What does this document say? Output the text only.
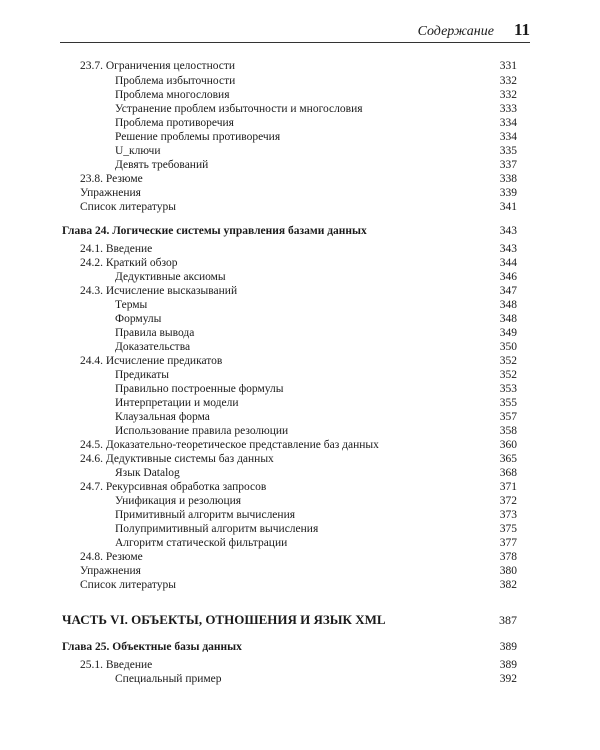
Содержание 11
23.7. Ограничения целостности	331
Проблема избыточности	332
Проблема многословия	332
Устранение проблем избыточности и многословия	333
Проблема противоречия	334
Решение проблемы противоречия	334
U_ключи	335
Девять требований	337
23.8. Резюме	338
Упражнения	339
Список литературы	341
Глава 24. Логические системы управления базами данных	343
24.1. Введение	343
24.2. Краткий обзор	344
Дедуктивные аксиомы	346
24.3. Исчисление высказываний	347
Термы	348
Формулы	348
Правила вывода	349
Доказательства	350
24.4. Исчисление предикатов	352
Предикаты	352
Правильно построенные формулы	353
Интерпретации и модели	355
Клаузальная форма	357
Использование правила резолюции	358
24.5. Доказательно-теоретическое представление баз данных	360
24.6. Дедуктивные системы баз данных	365
Язык Datalog	368
24.7. Рекурсивная обработка запросов	371
Унификация и резолюция	372
Примитивный алгоритм вычисления	373
Полупримитивный алгоритм вычисления	375
Алгоритм статической фильтрации	377
24.8. Резюме	378
Упражнения	380
Список литературы	382
ЧАСТЬ VI. ОБЪЕКТЫ, ОТНОШЕНИЯ И ЯЗЫК XML	387
Глава 25. Объектные базы данных	389
25.1. Введение	389
Специальный пример	392
